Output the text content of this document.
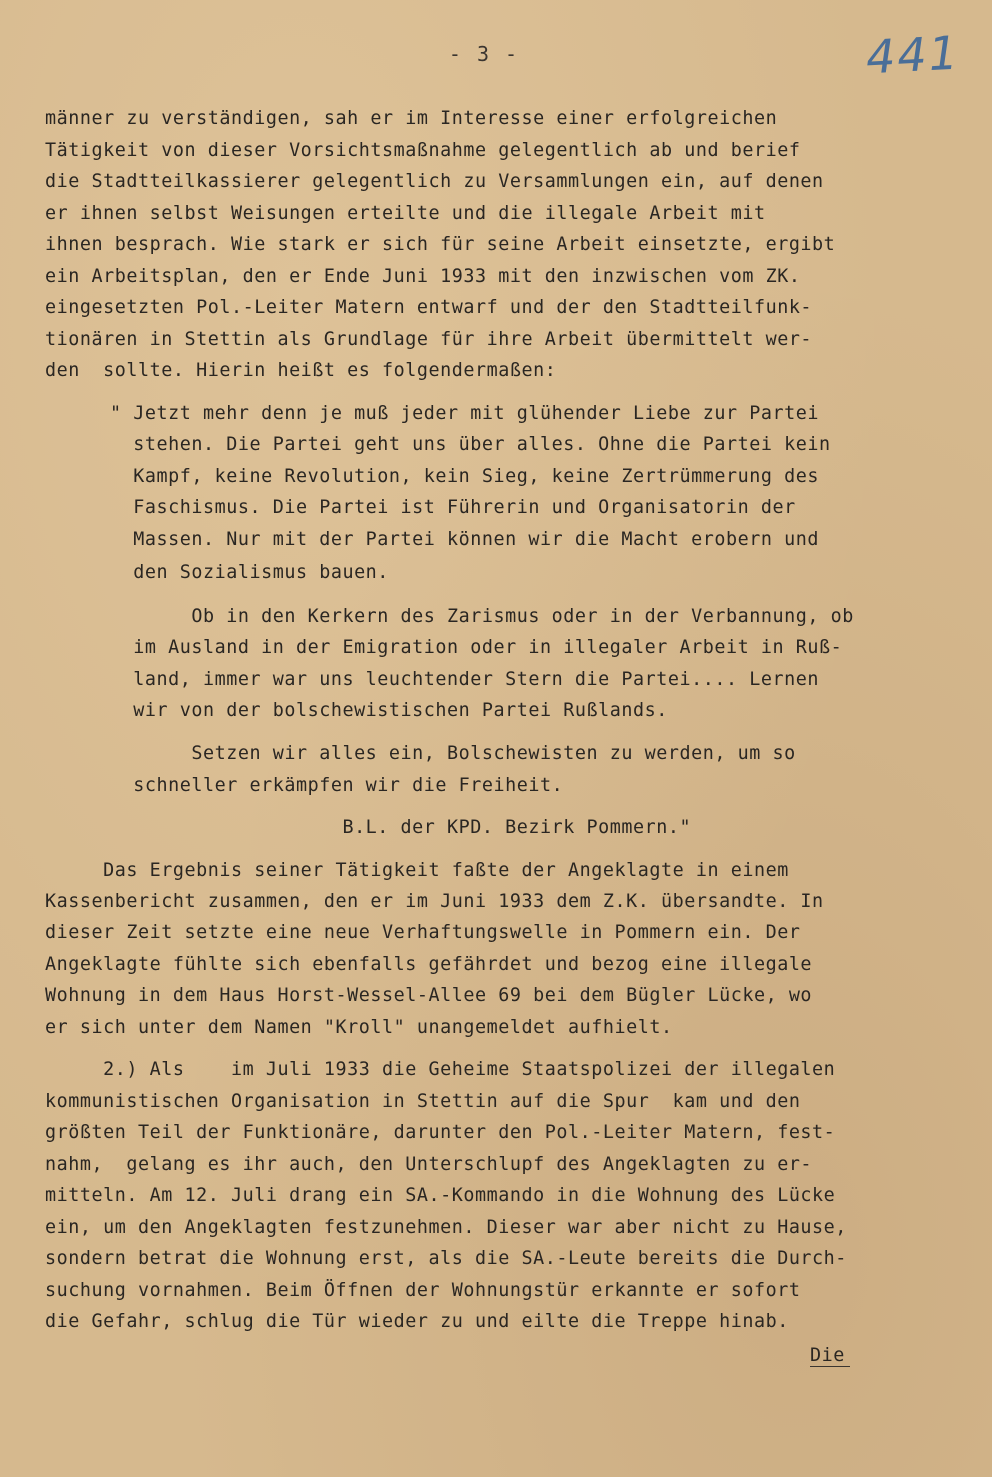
- 3 -	441
männer zu verständigen, sah er im Interesse einer erfolgreichen
Tätigkeit von dieser Vorsichtsmaßnahme gelegentlich ab und berief
die Stadtteilkassierer gelegentlich zu Versammlungen ein, auf denen
er ihnen selbst Weisungen erteilte und die illegale Arbeit mit
ihnen besprach. Wie stark er sich für seine Arbeit einsetzte, ergibt
ein Arbeitsplan, den er Ende Juni 1933 mit den inzwischen vom ZK.
eingesetzten Pol.-Leiter Matern entwarf und der den Stadtteilfunk-
tionären in Stettin als Grundlage für ihre Arbeit übermittelt wer-
den  sollte. Hierin heißt es folgendermaßen:
" Jetzt mehr denn je muß jeder mit glühender Liebe zur Partei
stehen. Die Partei geht uns über alles. Ohne die Partei kein
Kampf, keine Revolution, kein Sieg, keine Zertrümmerung des
Faschismus. Die Partei ist Führerin und Organisatorin der
Massen. Nur mit der Partei können wir die Macht erobern und
den Sozialismus bauen.
Ob in den Kerkern des Zarismus oder in der Verbannung, ob
im Ausland in der Emigration oder in illegaler Arbeit in Ruß-
land, immer war uns leuchtender Stern die Partei.... Lernen
wir von der bolschewistischen Partei Rußlands.
Setzen wir alles ein, Bolschewisten zu werden, um so
schneller erkämpfen wir die Freiheit.
B.L. der KPD. Bezirk Pommern."
Das Ergebnis seiner Tätigkeit faßte der Angeklagte in einem
Kassenbericht zusammen, den er im Juni 1933 dem Z.K. übersandte. In
dieser Zeit setzte eine neue Verhaftungswelle in Pommern ein. Der
Angeklagte fühlte sich ebenfalls gefährdet und bezog eine illegale
Wohnung in dem Haus Horst-Wessel-Allee 69 bei dem Bügler Lücke, wo
er sich unter dem Namen "Kroll" unangemeldet aufhielt.
2.) Als    im Juli 1933 die Geheime Staatspolizei der illegalen
kommunistischen Organisation in Stettin auf die Spur  kam und den
größten Teil der Funktionäre, darunter den Pol.-Leiter Matern, fest-
nahm,  gelang es ihr auch, den Unterschlupf des Angeklagten zu er-
mitteln. Am 12. Juli drang ein SA.-Kommando in die Wohnung des Lücke
ein, um den Angeklagten festzunehmen. Dieser war aber nicht zu Hause,
sondern betrat die Wohnung erst, als die SA.-Leute bereits die Durch-
suchung vornahmen. Beim Öffnen der Wohnungstür erkannte er sofort
die Gefahr, schlug die Tür wieder zu und eilte die Treppe hinab.
Die
